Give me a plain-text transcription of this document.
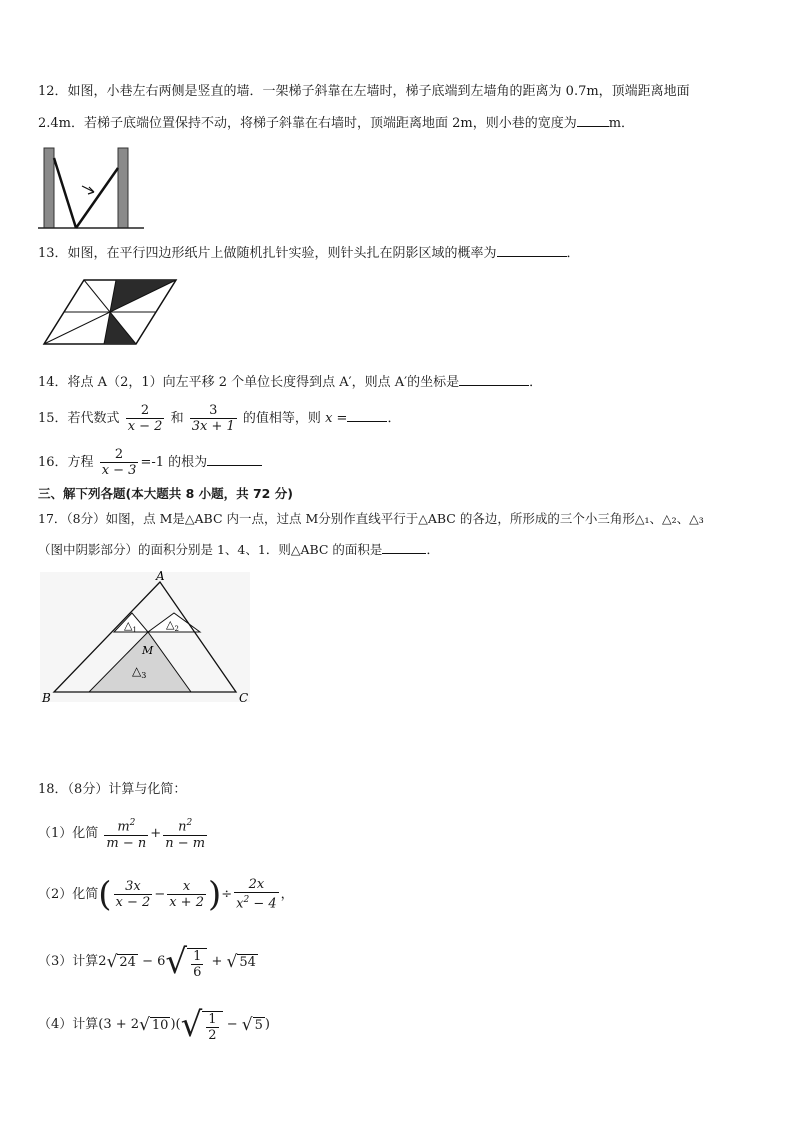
12．如图，小巷左右两侧是竖直的墙．一架梯子斜靠在左墙时，梯子底端到左墙角的距离为 0.7m，顶端距离地面
2.4m．若梯子底端位置保持不动，将梯子斜靠在右墙时，顶端距离地面 2m，则小巷的宽度为 m．
13．如图，在平行四边形纸片上做随机扎针实验，则针头扎在阴影区域的概率为	．
14．将点 A（2，1）向左平移 2 个单位长度得到点 A′，则点 A′的坐标是	．
15．若代数式 $\frac{2}{x - 2}$ 和 $\frac{3}{3x + 1}$ 的值相等，则 x =	．
16．方程 $\frac{2}{x - 3} =-1$ 的根为
三、解下列各题(本大题共 8 小题，共 72 分)
17．（8分）如图，点 M是△ABC 内一点，过点 M分别作直线平行于△ABC 的各边，所形成的三个小三角形△₁、△₂、△₃
（图中阴影部分）的面积分别是 1、4、1．则△ABC 的面积是	．
A
B	C
M
$\triangle_1$	$\triangle_2$
$\triangle_3$
18．（8分）计算与化简：
（1）化简 $\frac{m^2}{m - n} + \frac{n^2}{n - m}$
（2）化简( $\frac{3x}{x - 2} - \frac{x}{x + 2}$ )÷ $\frac{2x}{x^2 - 4}$ ，
（3）计算2 √ 24 − 6 √ $\frac{1}{6}$ + √ 54
（4）计算(3 + 2 √ 10 )( √ $\frac{1}{2}$ − √ 5 )
